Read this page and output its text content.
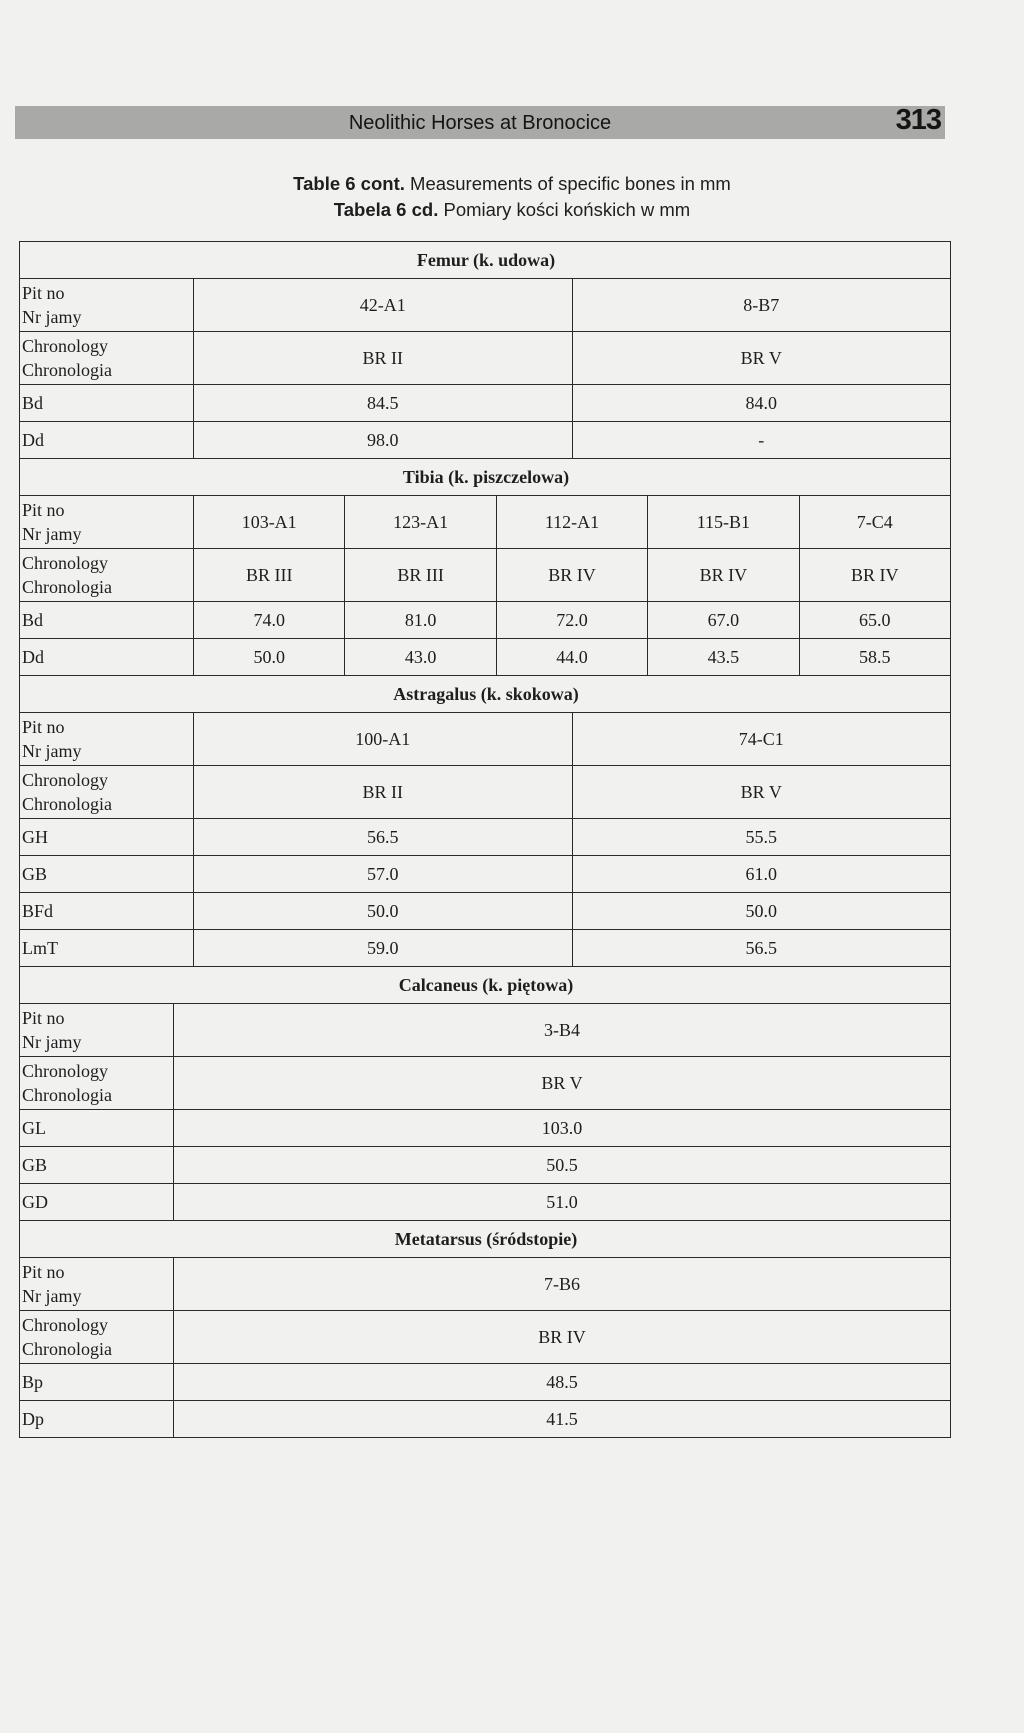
Neolithic Horses at Bronocice	313
Table 6 cont. Measurements of specific bones in mm
Tabela 6 cd. Pomiary kości końskich w mm
Femur (k. udowa)		

Pit no
Nr jamy	42-A1	8-B7

Chronology
Chronologia	BR II	BR V
Bd	84.5	84.0
Dd	98.0	-
Tibia (k. piszczelowa)					

Pit no
Nr jamy	103-A1	123-A1	112-A1	115-B1	7-C4

Chronology
Chronologia	BR III	BR III	BR IV	BR IV	BR IV
Bd	74.0	81.0	72.0	67.0	65.0
Dd	50.0	43.0	44.0	43.5	58.5
Astragalus (k. skokowa)		

Pit no
Nr jamy	100-A1	74-C1

Chronology
Chronologia	BR II	BR V
GH	56.5	55.5
GB	57.0	61.0
BFd	50.0	50.0
LmT	59.0	56.5
Calcaneus (k. piętowa)	

Pit no
Nr jamy	3-B4

Chronology
Chronologia	BR V
GL	103.0
GB	50.5
GD	51.0
Metatarsus (śródstopie)	

Pit no
Nr jamy	7-B6

Chronology
Chronologia	BR IV
Bp	48.5
Dp	41.5
